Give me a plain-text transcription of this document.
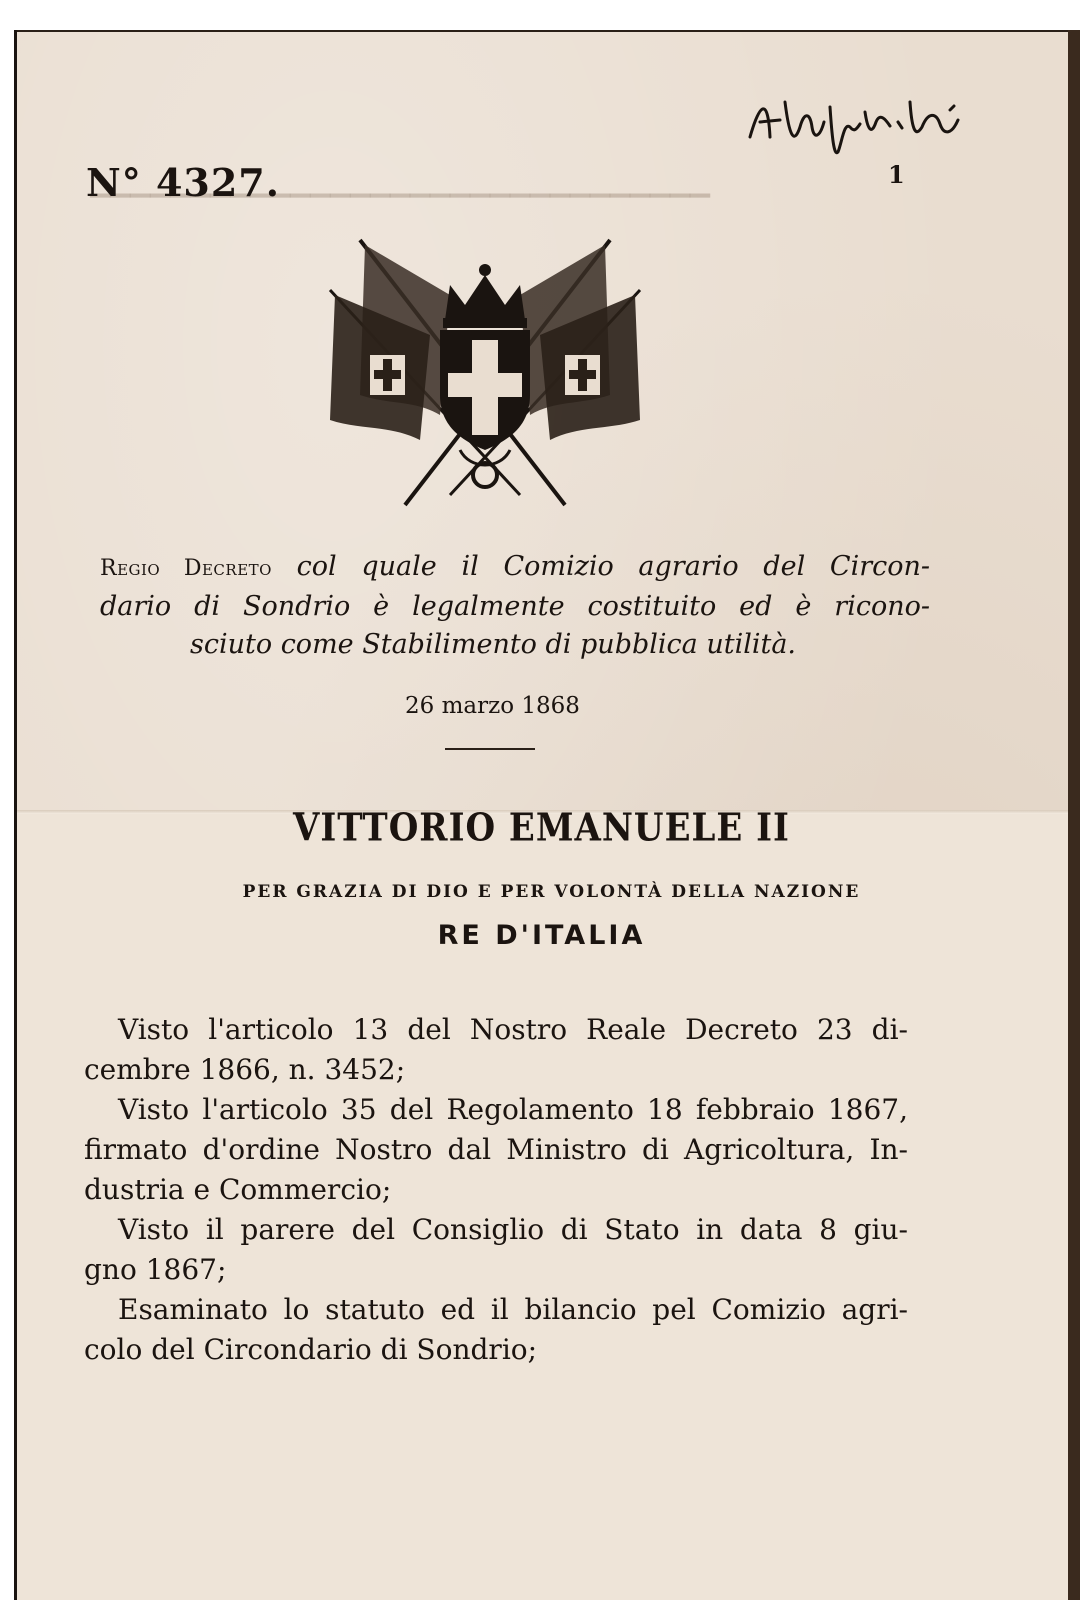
▔▔▔▔▔▔▔▔▔▔▔▔▔▔▔▔▔▔▔▔▔▔▔▔▔▔▔▔▔▔▔
N° 4327.	1
Regio Decreto col quale il Comizio agrario del Circon-
dario di Sondrio è legalmente costituito ed è ricono-
sciuto come Stabilimento di pubblica utilità.
26 marzo 1868
VITTORIO EMANUELE II
PER GRAZIA DI DIO E PER VOLONTÀ DELLA NAZIONE
RE D'ITALIA
Visto l'articolo 13 del Nostro Reale Decreto 23 di-
cembre 1866, n. 3452;
Visto l'articolo 35 del Regolamento 18 febbraio 1867,
firmato d'ordine Nostro dal Ministro di Agricoltura, In-
dustria e Commercio;
Visto il parere del Consiglio di Stato in data 8 giu-
gno 1867;
Esaminato lo statuto ed il bilancio pel Comizio agri-
colo del Circondario di Sondrio;
